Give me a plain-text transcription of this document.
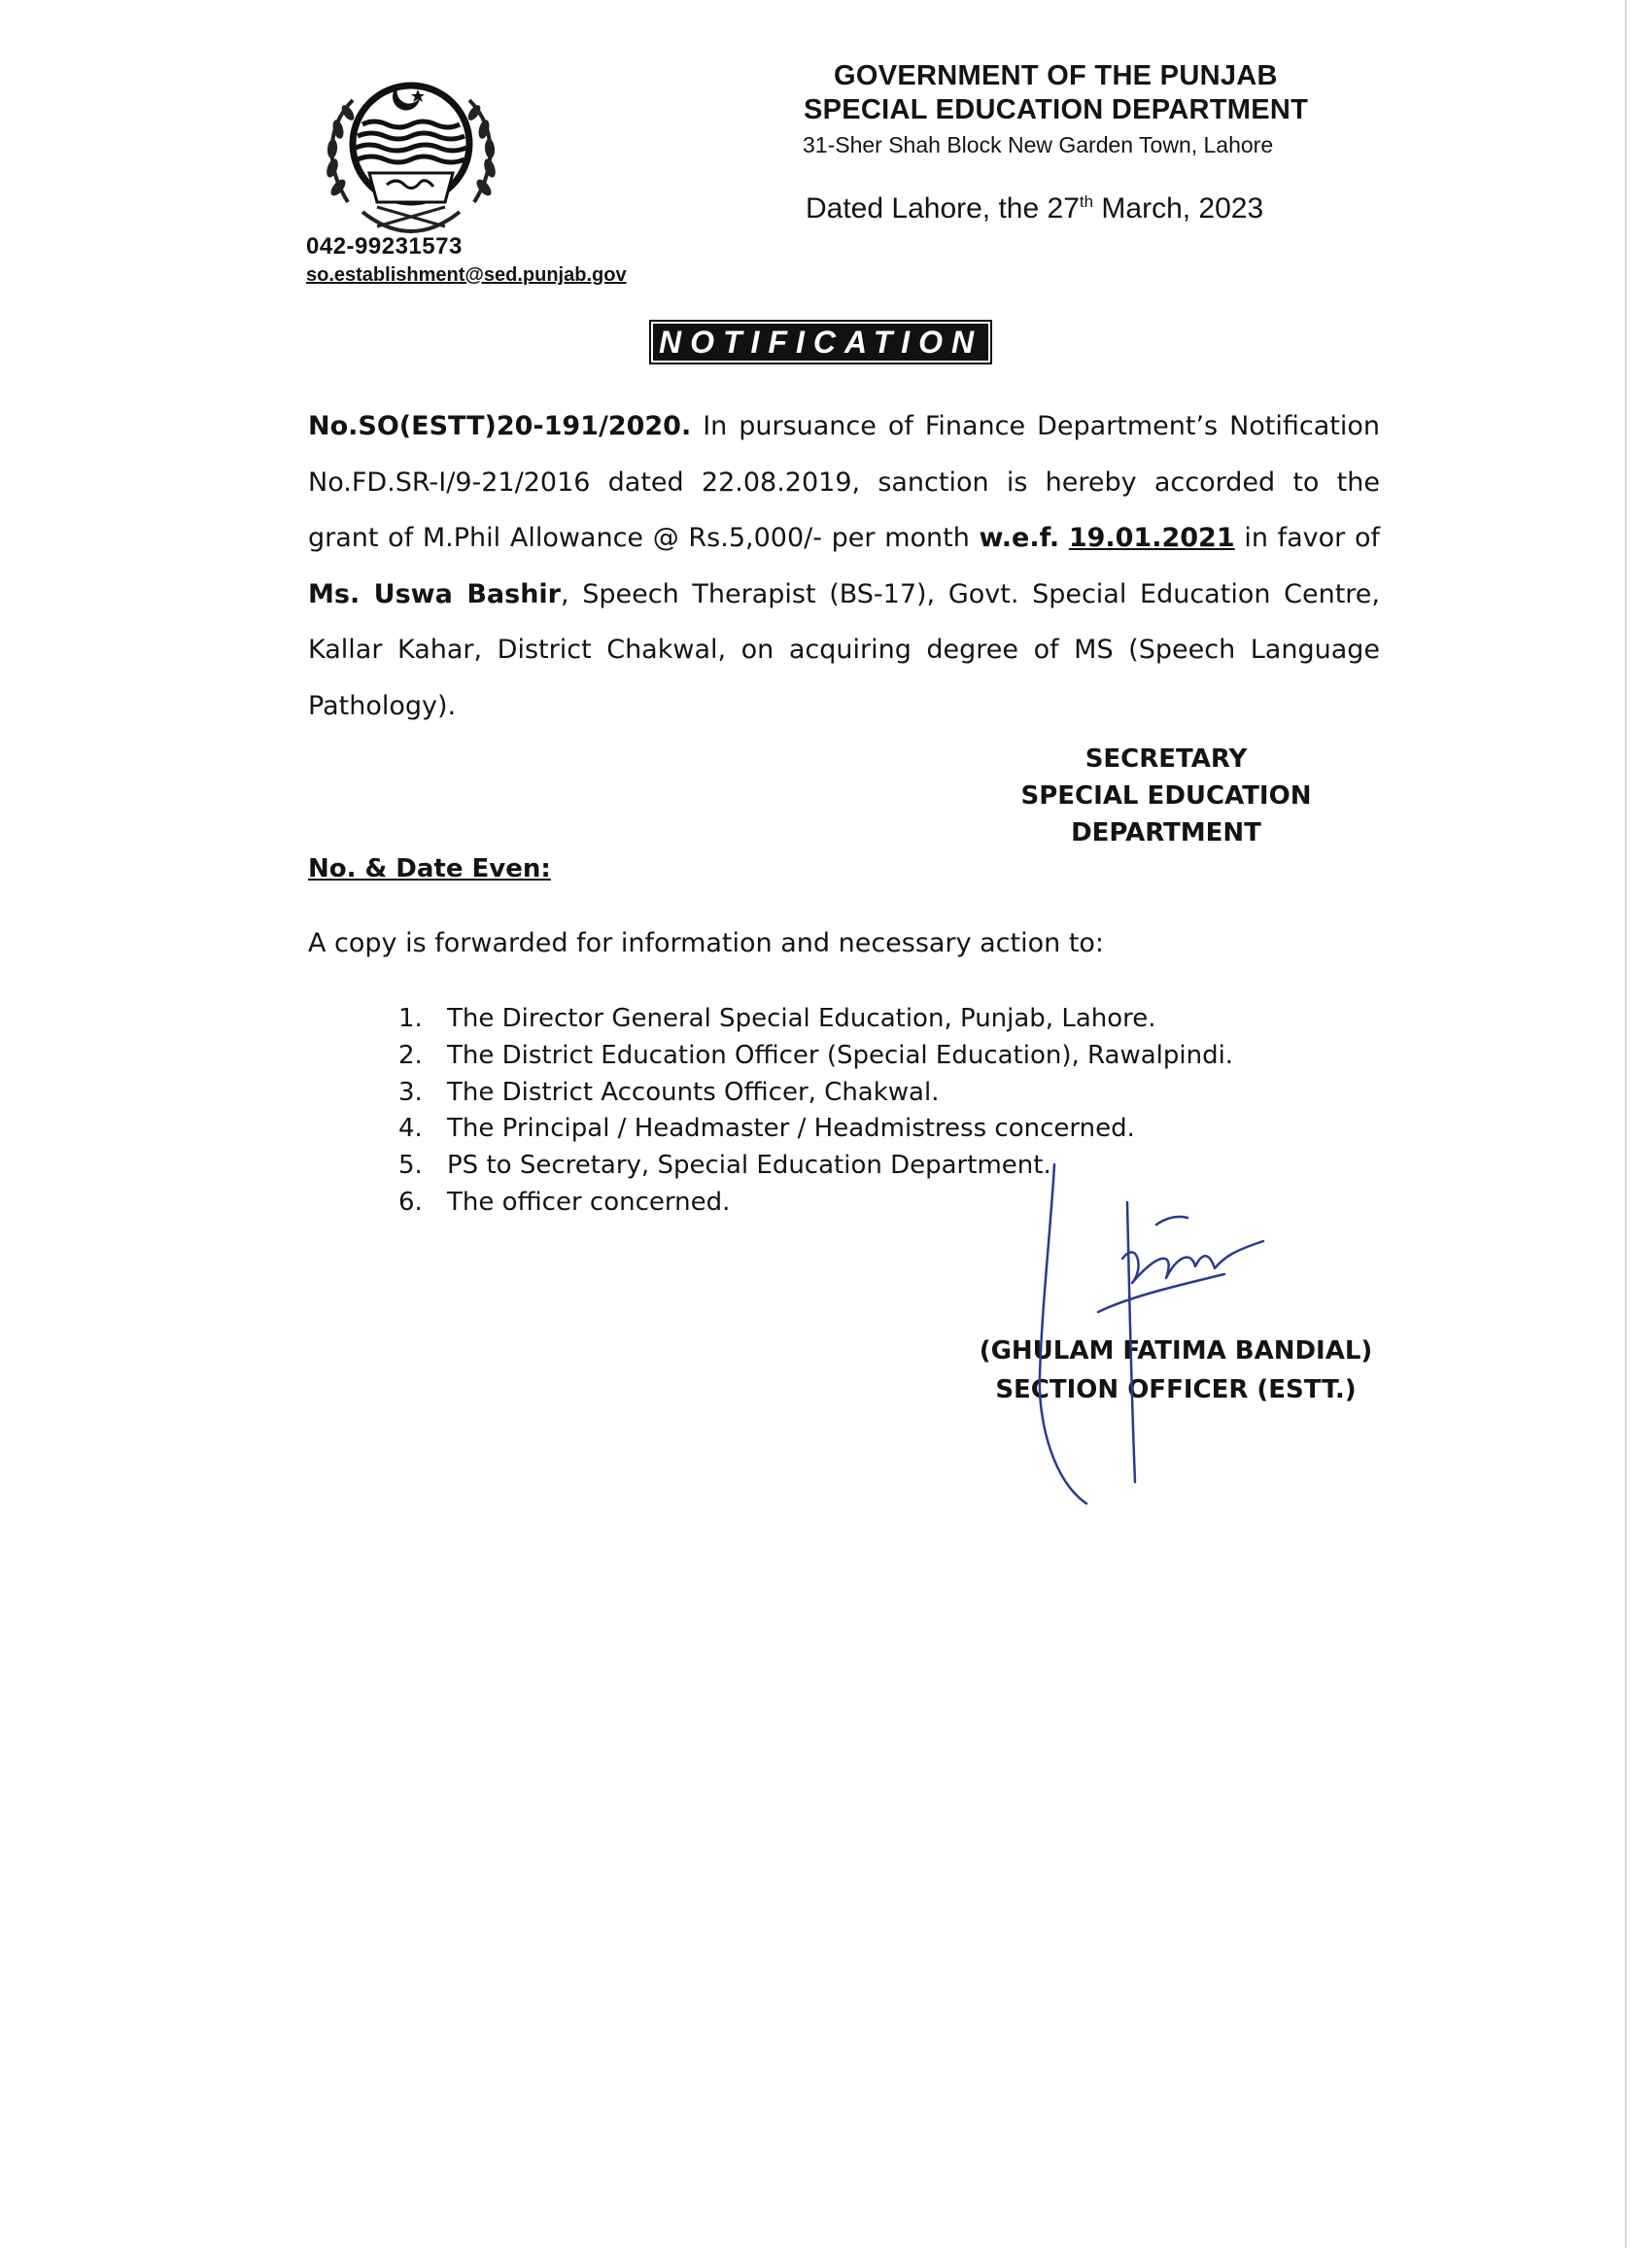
GOVERNMENT OF THE PUNJAB
SPECIAL EDUCATION DEPARTMENT
31-Sher Shah Block New Garden Town, Lahore
Dated Lahore, the 27th March, 2023
042-99231573
so.establishment@sed.punjab.gov
NOTIFICATION
No.SO(ESTT)20-191/2020. In pursuance of Finance Department’s Notification No.FD.SR-I/9-21/2016 dated 22.08.2019, sanction is hereby accorded to the grant of M.Phil Allowance @ Rs.5,000/- per month w.e.f. 19.01.2021 in favor of Ms. Uswa Bashir, Speech Therapist (BS-17), Govt. Special Education Centre, Kallar Kahar, District Chakwal, on acquiring degree of MS (Speech Language Pathology).
SECRETARY
SPECIAL EDUCATION
DEPARTMENT
No. & Date Even:
A copy is forwarded for information and necessary action to:
1. The Director General Special Education, Punjab, Lahore.
2. The District Education Officer (Special Education), Rawalpindi.
3. The District Accounts Officer, Chakwal.
4. The Principal / Headmaster / Headmistress concerned.
5. PS to Secretary, Special Education Department.
6. The officer concerned.
(GHULAM FATIMA BANDIAL)
SECTION OFFICER (ESTT.)
